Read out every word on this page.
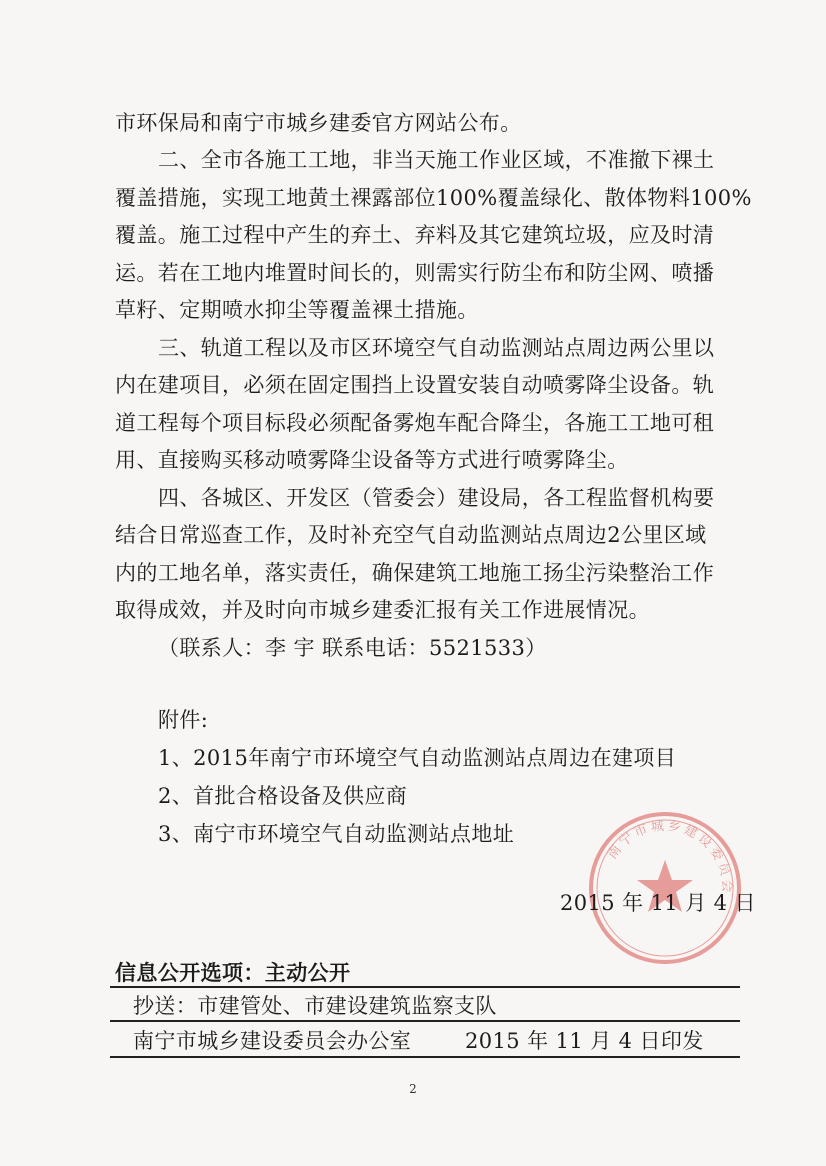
市环保局和南宁市城乡建委官方网站公布。
二、全市各施工工地，非当天施工作业区域，不准撤下裸土
覆盖措施，实现工地黄土裸露部位100%覆盖绿化、散体物料100%
覆盖。施工过程中产生的弃土、弃料及其它建筑垃圾，应及时清
运。若在工地内堆置时间长的，则需实行防尘布和防尘网、喷播
草籽、定期喷水抑尘等覆盖裸土措施。
三、轨道工程以及市区环境空气自动监测站点周边两公里以
内在建项目，必须在固定围挡上设置安装自动喷雾降尘设备。轨
道工程每个项目标段必须配备雾炮车配合降尘，各施工工地可租
用、直接购买移动喷雾降尘设备等方式进行喷雾降尘。
四、各城区、开发区（管委会）建设局，各工程监督机构要
结合日常巡查工作，及时补充空气自动监测站点周边2公里区域
内的工地名单，落实责任，确保建筑工地施工扬尘污染整治工作
取得成效，并及时向市城乡建委汇报有关工作进展情况。
（联系人：李 宇 联系电话：5521533）
附件:
1、2015年南宁市环境空气自动监测站点周边在建项目
2、首批合格设备及供应商
3、南宁市环境空气自动监测站点地址
南宁市城乡建设委员会
2015 年 11 月 4 日
信息公开选项：主动公开
抄送：市建管处、市建设建筑监察支队
南宁市城乡建设委员会办公室	2015 年 11 月 4 日印发
2
